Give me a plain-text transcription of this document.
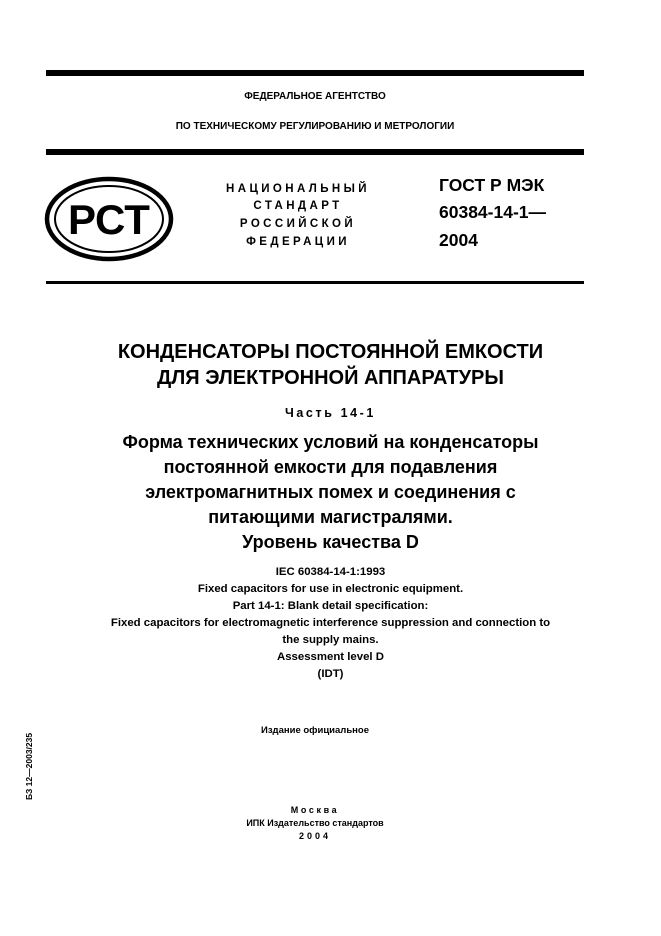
ФЕДЕРАЛЬНОЕ АГЕНТСТВО
ПО ТЕХНИЧЕСКОМУ РЕГУЛИРОВАНИЮ И МЕТРОЛОГИИ
РСТ
НАЦИОНАЛЬНЫЙ
СТАНДАРТ
РОССИЙСКОЙ
ФЕДЕРАЦИИ
ГОСТ Р МЭК
60384-14-1—
2004
КОНДЕНСАТОРЫ ПОСТОЯННОЙ ЕМКОСТИ
ДЛЯ ЭЛЕКТРОННОЙ АППАРАТУРЫ
Часть 14-1
Форма технических условий на конденсаторы
постоянной емкости для подавления
электромагнитных помех и соединения с
питающими магистралями.
Уровень качества D
IEC 60384-14-1:1993
Fixed capacitors for use in electronic equipment.
Part 14-1: Blank detail specification:
Fixed capacitors for electromagnetic interference suppression and connection to
the supply mains.
Assessment level D
(IDT)
Издание официальное
БЗ 12—2003/235
Москва
ИПК Издательство стандартов
2004
